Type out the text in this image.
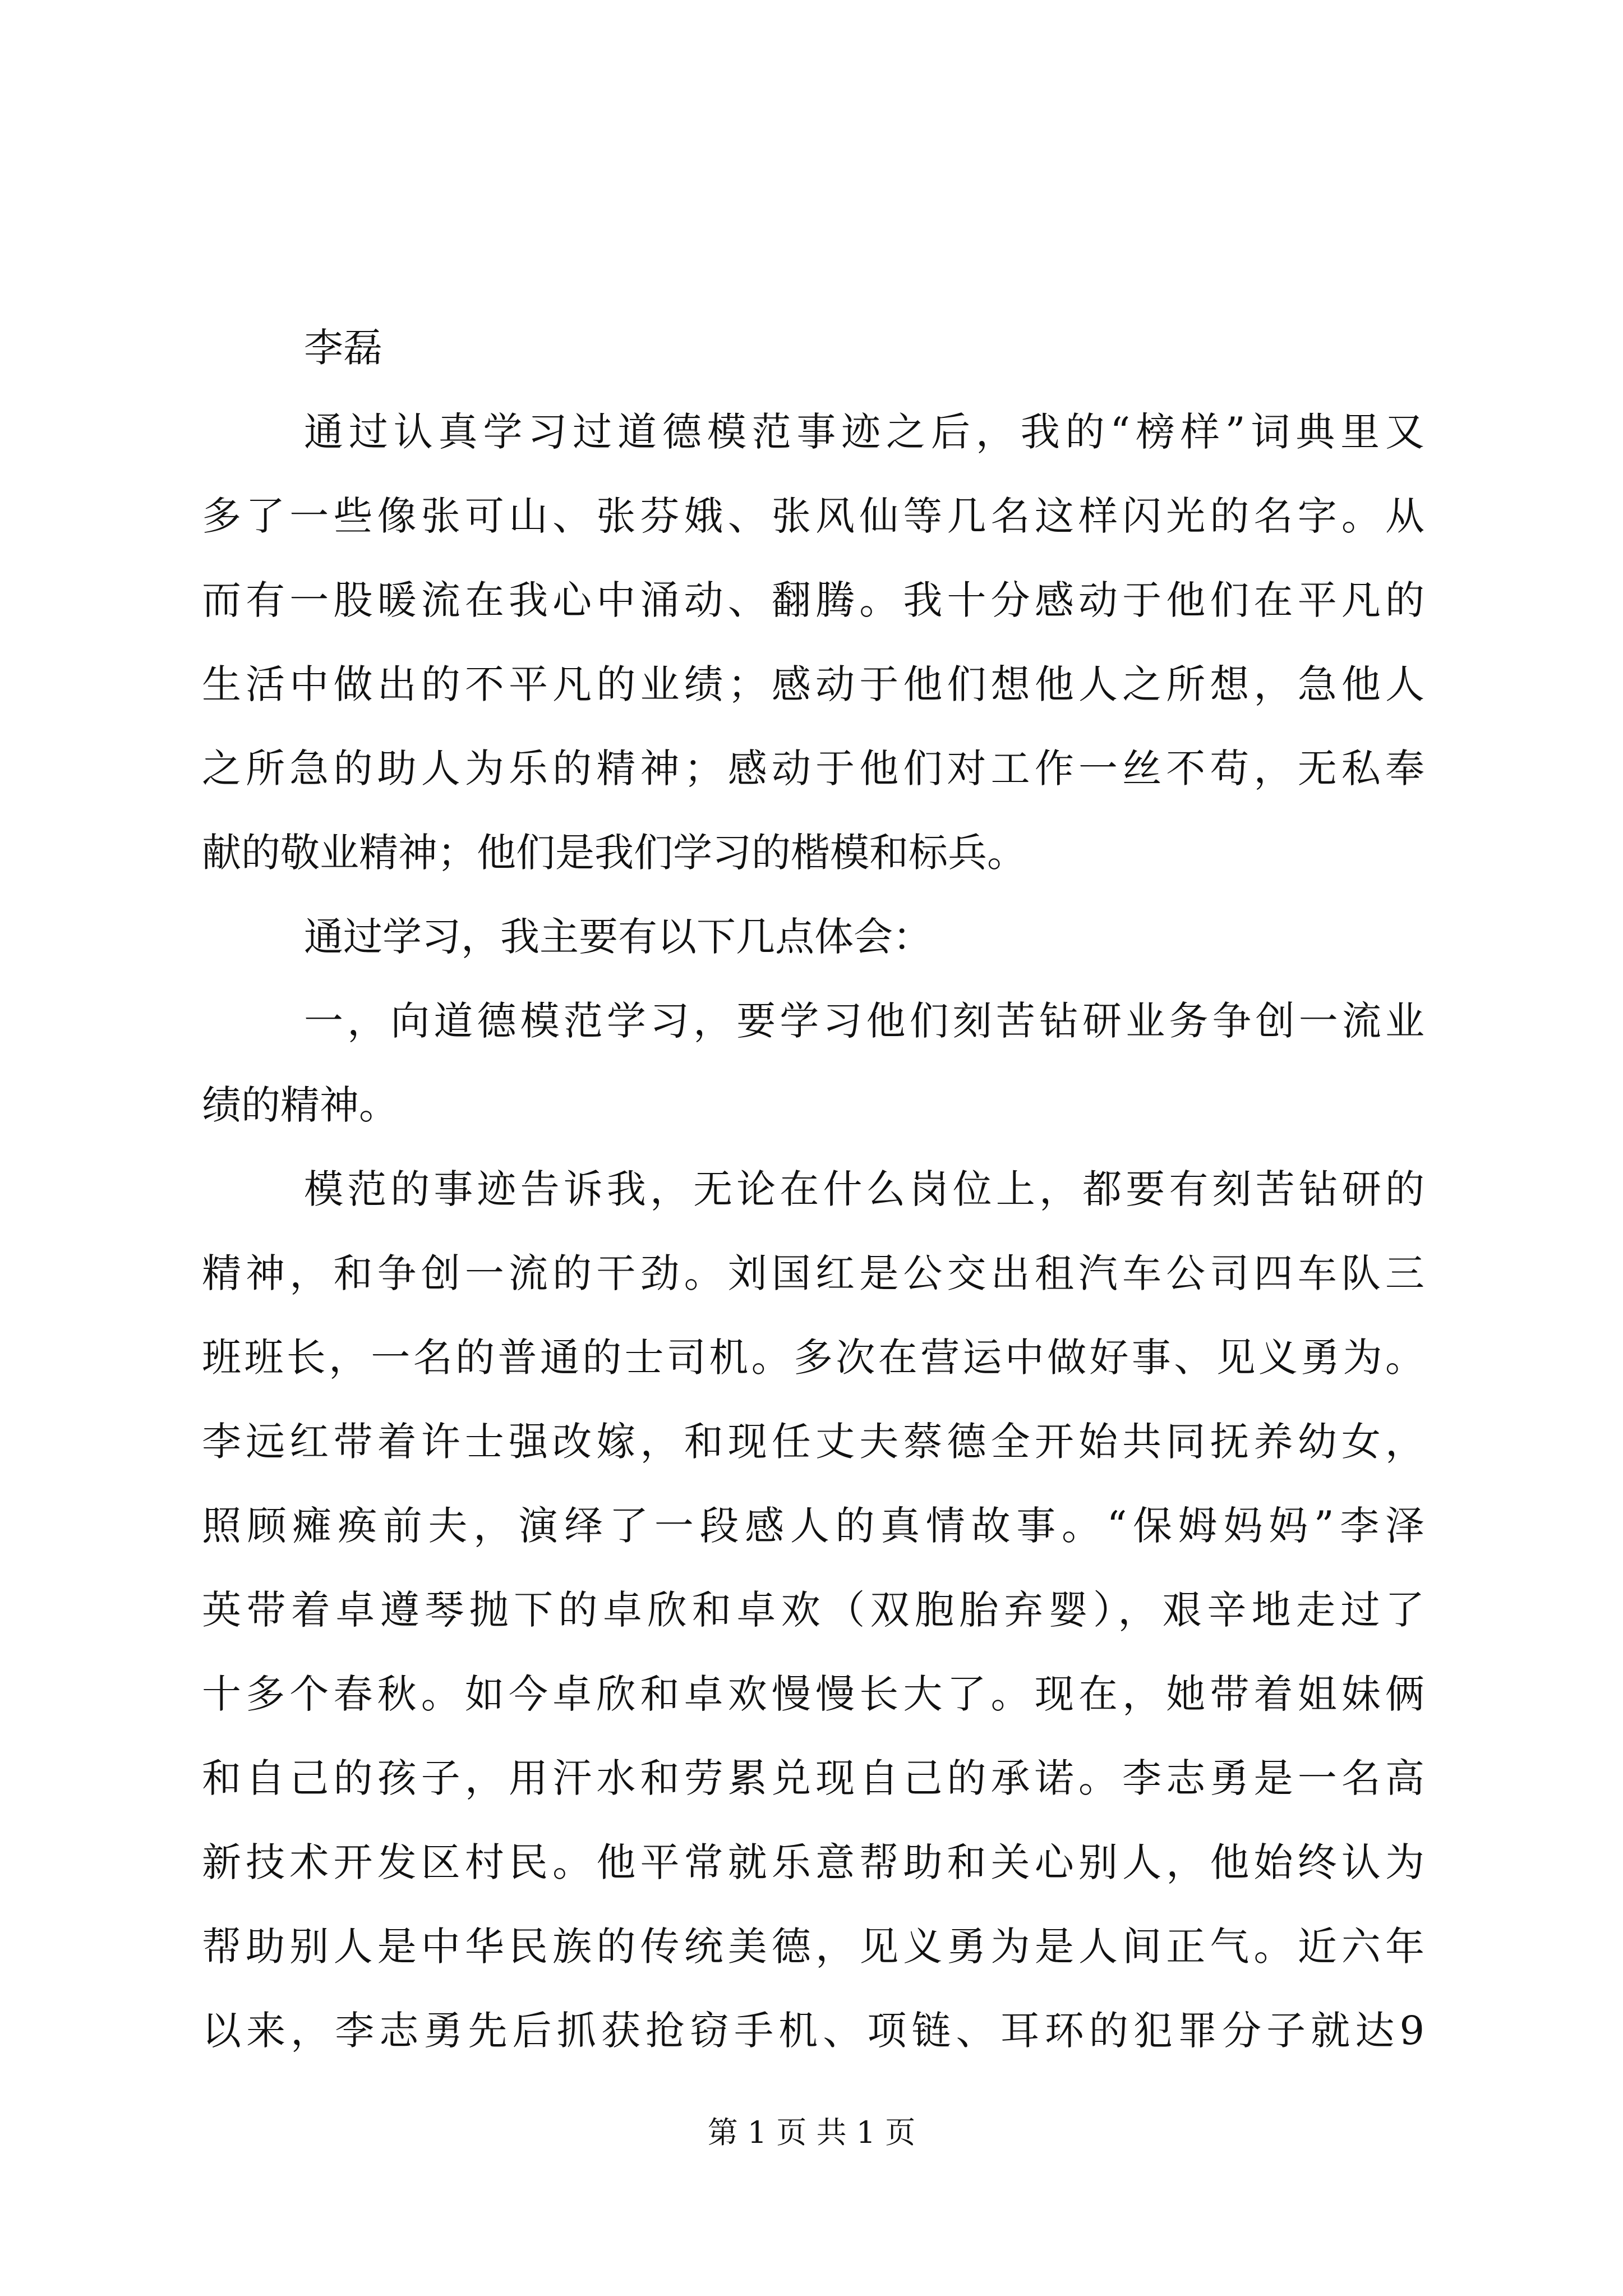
李磊
通过认真学习过道德模范事迹之后，我的“榜样”词典里又
多了一些像张可山、张芬娥、张风仙等几名这样闪光的名字。从
而有一股暖流在我心中涌动、翻腾。我十分感动于他们在平凡的
生活中做出的不平凡的业绩；感动于他们想他人之所想，急他人
之所急的助人为乐的精神；感动于他们对工作一丝不苟，无私奉
献的敬业精神；他们是我们学习的楷模和标兵。
通过学习，我主要有以下几点体会：
一，向道德模范学习，要学习他们刻苦钻研业务争创一流业
绩的精神。
模范的事迹告诉我，无论在什么岗位上，都要有刻苦钻研的
精神，和争创一流的干劲。刘国红是公交出租汽车公司四车队三
班班长，一名的普通的士司机。多次在营运中做好事、见义勇为。
李远红带着许士强改嫁，和现任丈夫蔡德全开始共同抚养幼女，
照顾瘫痪前夫，演绎了一段感人的真情故事。“保姆妈妈”李泽
英带着卓遵琴抛下的卓欣和卓欢（双胞胎弃婴），艰辛地走过了
十多个春秋。如今卓欣和卓欢慢慢长大了。现在，她带着姐妹俩
和自己的孩子，用汗水和劳累兑现自己的承诺。李志勇是一名高
新技术开发区村民。他平常就乐意帮助和关心别人，他始终认为
帮助别人是中华民族的传统美德，见义勇为是人间正气。近六年
以来，李志勇先后抓获抢窃手机、项链、耳环的犯罪分子就达9
第 1 页 共 1 页
